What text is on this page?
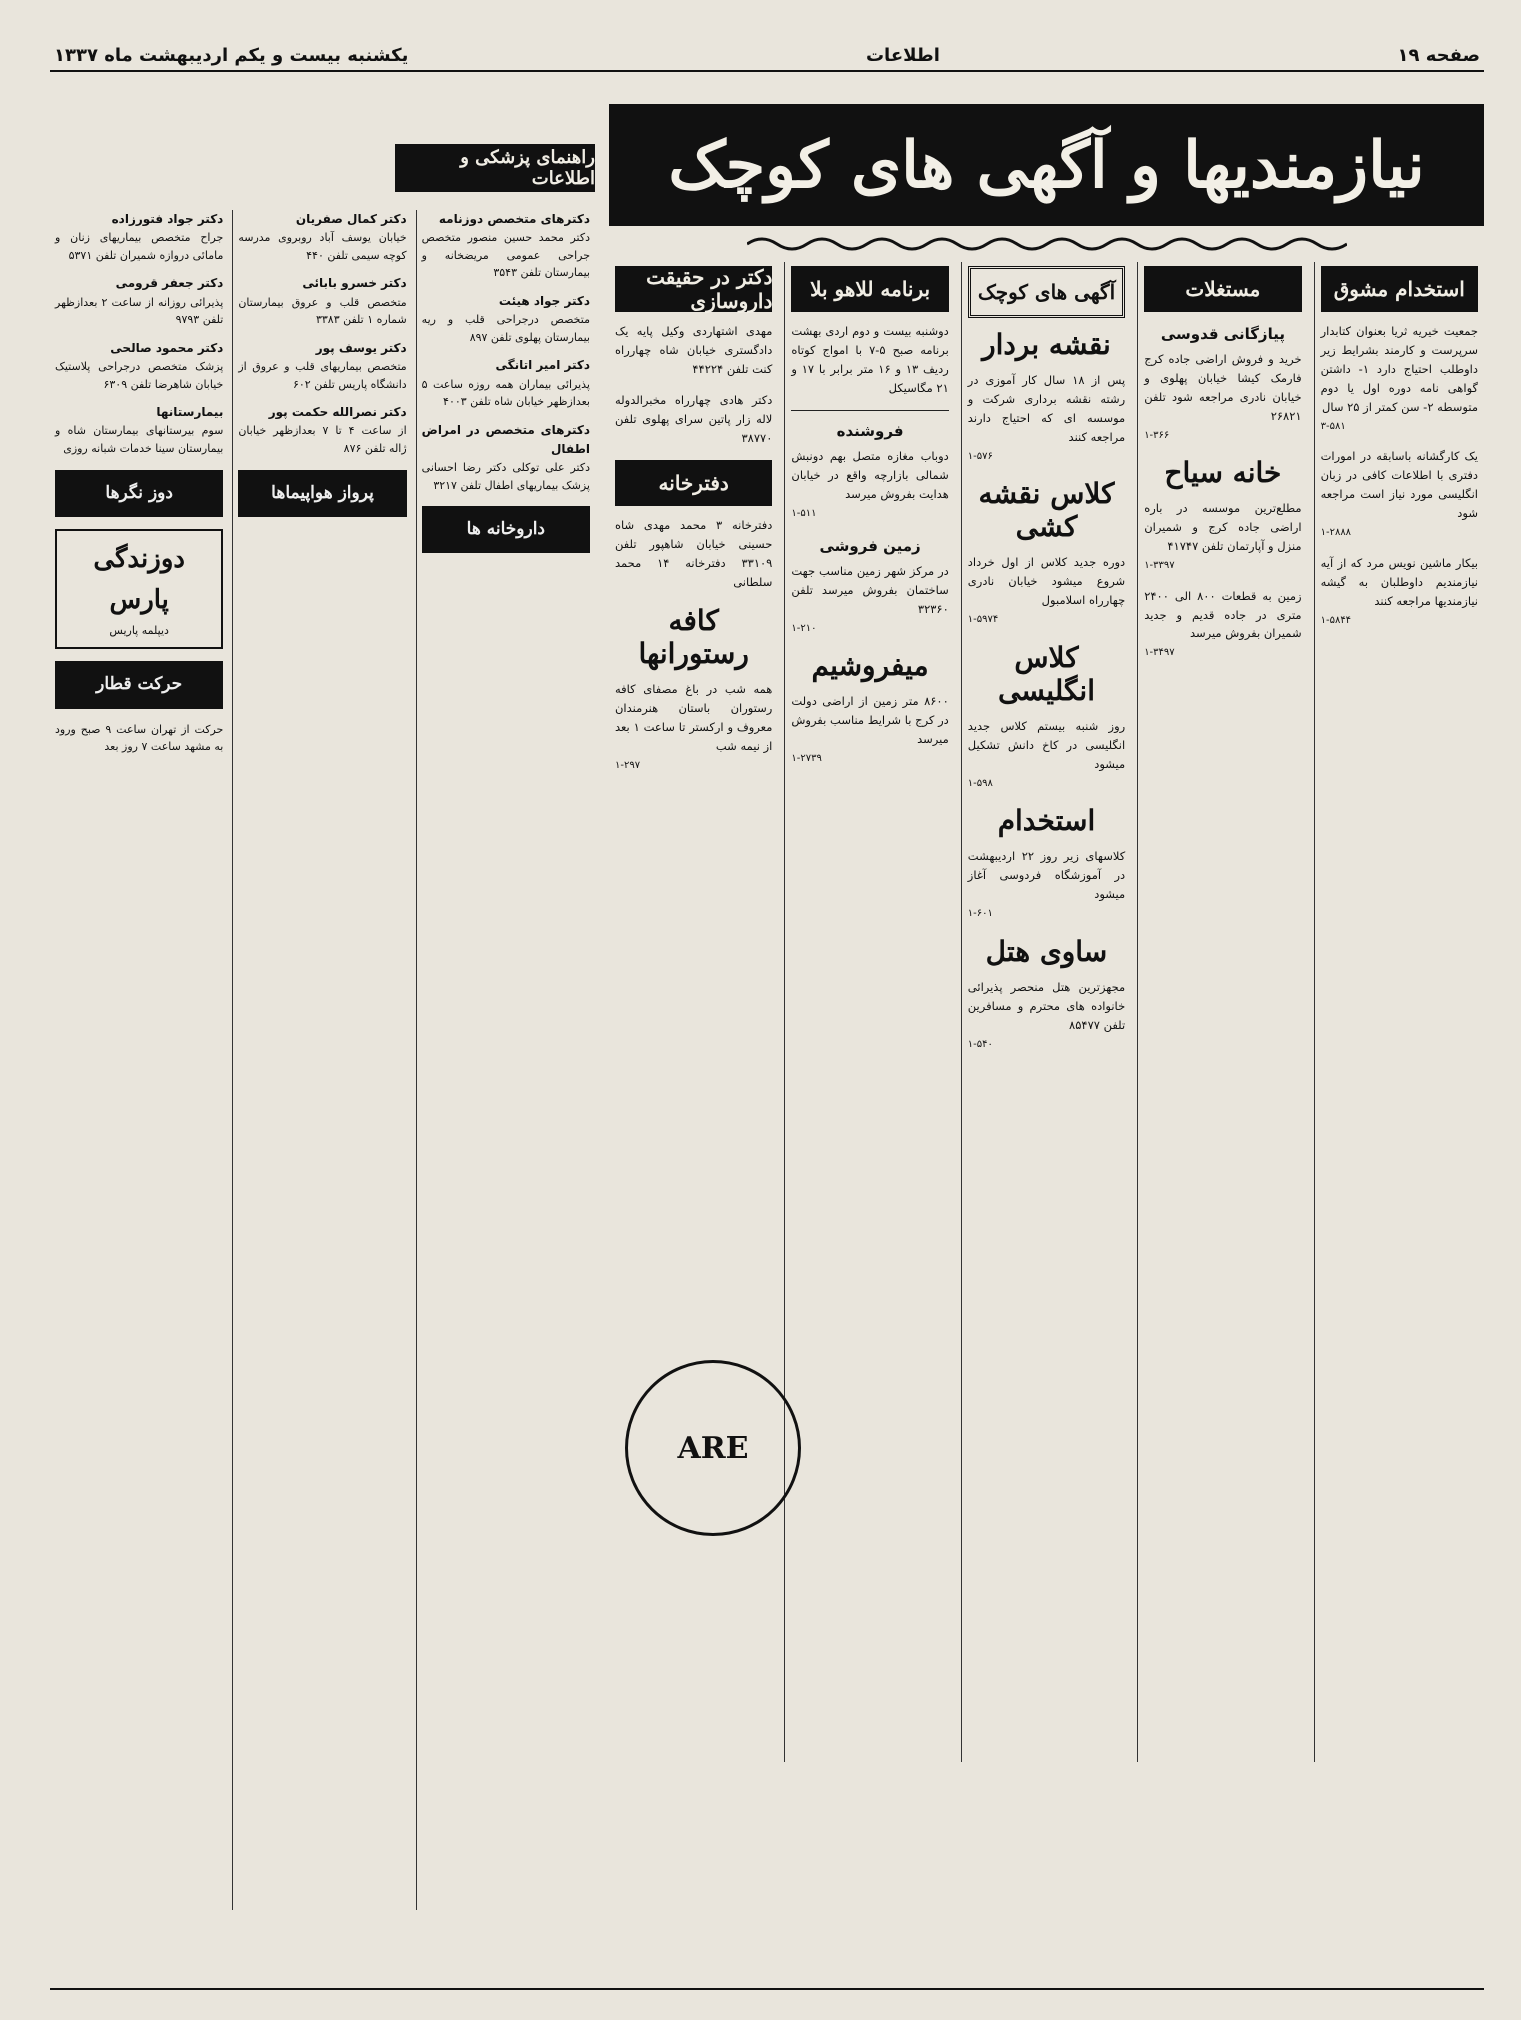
صفحه ۱۹
اطلاعات
یکشنبه بیست و یکم اردیبهشت ماه ۱۳۳۷
نیازمندیها و آگهی های کوچک
استخدام مشوق
جمعیت خیریه ثریا بعنوان کتابدار سرپرست و کارمند بشرایط زیر داوطلب احتیاج دارد ۱- داشتن گواهی نامه دوره اول یا دوم متوسطه ۲- سن کمتر از ۲۵ سال
۳-۵۸۱
یک کارگشانه باسابقه در امورات دفتری با اطلاعات کافی در زبان انگلیسی مورد نیاز است مراجعه شود
۱-۲۸۸۸
بیکار ماشین نویس مرد که از آیه نیازمندیم داوطلبان به گیشه نیازمندیها مراجعه کنند
۱-۵۸۴۴
مستغلات
پیازگانی قدوسی
خرید و فروش اراضی جاده کرج فارمک کیشا خیابان پهلوی و خیابان نادری مراجعه شود تلفن ۲۶۸۲۱
۱-۳۶۶
خانه سیاح
مطلع‌ترین موسسه در باره اراضی جاده کرج و شمیران منزل و آپارتمان تلفن ۴۱۷۴۷
۱-۳۳۹۷
زمین به قطعات ۸۰۰ الی ۲۴۰۰ متری در جاده قدیم و جدید شمیران بفروش میرسد
۱-۳۴۹۷
آگهی های کوچک
نقشه بردار
پس از ۱۸ سال کار آموزی در رشته نقشه برداری شرکت و موسسه ای که احتیاج دارند مراجعه کنند
۱-۵۷۶
کلاس نقشه کشی
دوره جدید کلاس از اول خرداد شروع میشود خیابان نادری چهارراه اسلامبول
۱-۵۹۷۴
کلاس انگلیسی
روز شنبه بیستم کلاس جدید انگلیسی در کاخ دانش تشکیل میشود
۱-۵۹۸
استخدام
کلاسهای زیر روز ۲۲ اردیبهشت در آموزشگاه فردوسی آغاز میشود
۱-۶۰۱
ساوی هتل
مجهزترین هتل منحصر پذیرائی خانواده های محترم و مسافرین تلفن ۸۵۴۷۷
۱-۵۴۰
برنامه للاهو بلا
دوشنبه بیست و دوم اردی بهشت برنامه صبح ۵-۷ با امواج کوتاه ردیف ۱۳ و ۱۶ متر برابر با ۱۷ و ۲۱ مگاسیکل
فروشنده
دوباب مغازه متصل بهم دونبش شمالی بازارچه واقع در خیابان هدایت بفروش میرسد
۱-۵۱۱
زمین فروشی
در مرکز شهر زمین مناسب جهت ساختمان بفروش میرسد تلفن ۳۲۳۶۰
۱-۲۱۰
میفروشیم
۸۶۰۰ متر زمین از اراضی دولت در کرج با شرایط مناسب بفروش میرسد
۱-۲۷۳۹
دکتر در حقیقت داروسازی
مهدی اشتهاردی وکیل پایه یک دادگستری خیابان شاه چهارراه کنت تلفن ۴۴۲۲۴
دکتر هادی چهارراه مخبرالدوله لاله زار پاتین سرای پهلوی تلفن ۳۸۷۷۰
دفترخانه
دفترخانه ۳ محمد مهدی شاه حسینی خیابان شاهپور تلفن ۳۳۱۰۹ دفترخانه ۱۴ محمد سلطانی
کافه رستورانها
همه شب در باغ مصفای کافه رستوران باستان هنرمندان معروف و ارکستر تا ساعت ۱ بعد از نیمه شب
۱-۲۹۷
ARE
راهنمای پزشکی و اطلاعات
دکترهای متخصص دوزنامه
دکتر محمد حسین منصور متخصص جراحی عمومی مریضخانه و بیمارستان تلفن ۳۵۴۳
دکتر جواد هیئت
متخصص درجراحی قلب و ریه بیمارستان پهلوی تلفن ۸۹۷
دکتر امیر اتانگی
پذیرائی بیماران همه روزه ساعت ۵ بعدازظهر خیابان شاه تلفن ۴۰۰۳
دکترهای متخصص در امراض اطفال
دکتر علی توکلی دکتر رضا احسانی پزشک بیماریهای اطفال تلفن ۳۲۱۷
داروخانه ها
دکتر کمال صفریان
خیابان یوسف آباد روبروی مدرسه کوچه سیمی تلفن ۴۴۰
دکتر خسرو بابائی
متخصص قلب و عروق بیمارستان شماره ۱ تلفن ۳۳۸۳
دکتر یوسف پور
متخصص بیماریهای قلب و عروق از دانشگاه پاریس تلفن ۶۰۲
دکتر نصرالله حکمت پور
از ساعت ۴ تا ۷ بعدازظهر خیابان ژاله تلفن ۸۷۶
پرواز هواپیماها
دکتر جواد فتورزاده
جراح متخصص بیماریهای زنان و مامائی دروازه شمیران تلفن ۵۳۷۱
دکتر جعفر قرومی
پذیرائی روزانه از ساعت ۲ بعدازظهر تلفن ۹۷۹۳
دکتر محمود صالحی
پزشک متخصص درجراحی پلاستیک خیابان شاهرضا تلفن ۶۳۰۹
بیمارستانها
سوم بیرستانهای بیمارستان شاه و بیمارستان سینا خدمات شبانه روزی
دوز نگرها
دوزندگی پارس
دیپلمه پاریس
حرکت قطار
حرکت از تهران ساعت ۹ صبح ورود به مشهد ساعت ۷ روز بعد
